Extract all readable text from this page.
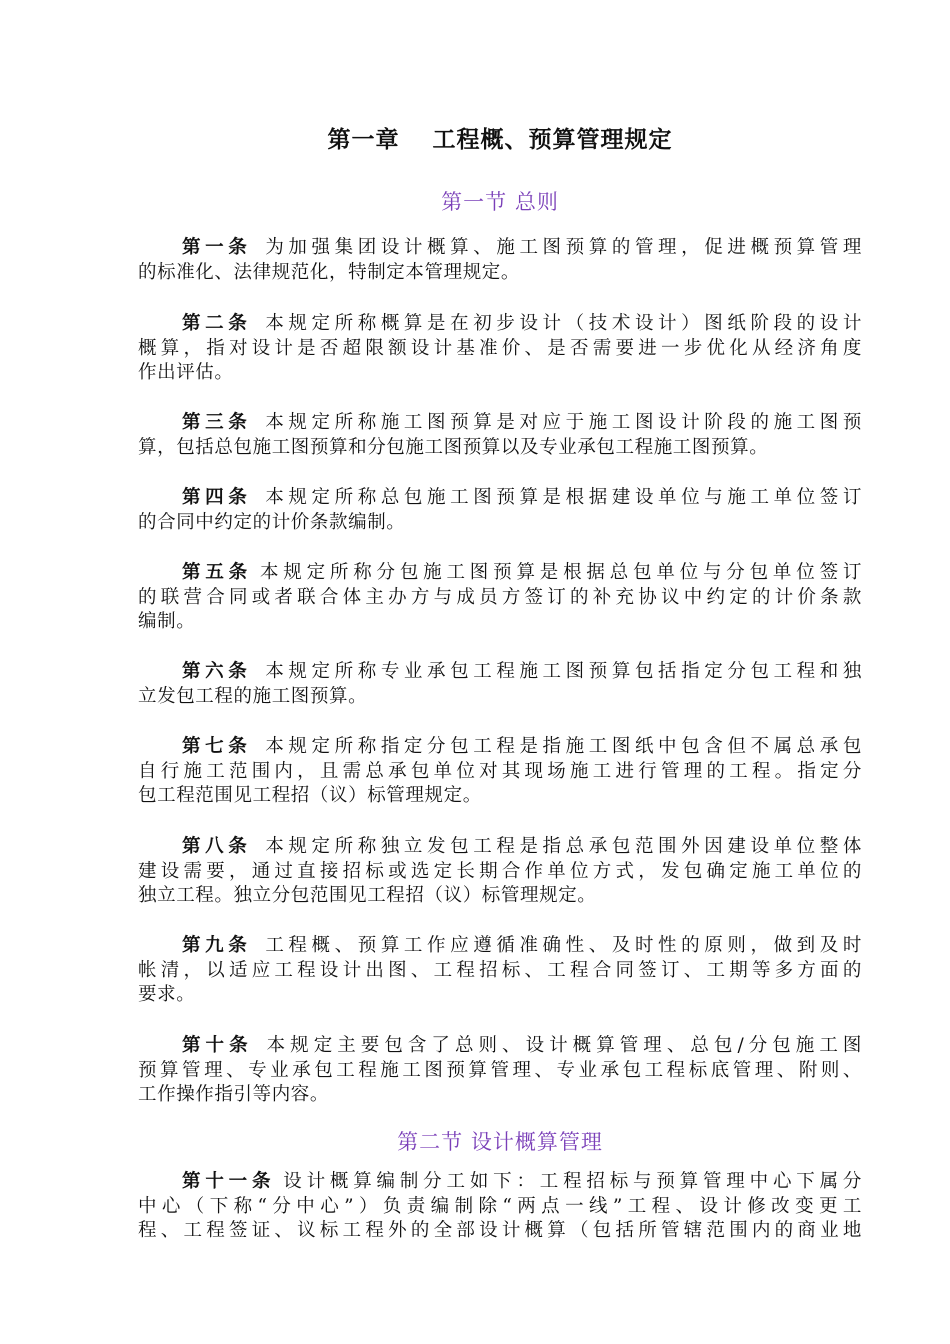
第一章　 工程概、预算管理规定
第一节 总则

第一条 为加强集团设计概算、施工图预算的管理，促进概预算管理
的标准化、法律规范化，特制定本管理规定。

第二条 本规定所称概算是在初步设计（技术设计）图纸阶段的设计
概算，指对设计是否超限额设计基准价、是否需要进一步优化从经济角度
作出评估。

第三条 本规定所称施工图预算是对应于施工图设计阶段的施工图预
算，包括总包施工图预算和分包施工图预算以及专业承包工程施工图预算。

第四条 本规定所称总包施工图预算是根据建设单位与施工单位签订
的合同中约定的计价条款编制。

第五条 本规定所称分包施工图预算是根据总包单位与分包单位签订
的联营合同或者联合体主办方与成员方签订的补充协议中约定的计价条款
编制。

第六条 本规定所称专业承包工程施工图预算包括指定分包工程和独
立发包工程的施工图预算。

第七条 本规定所称指定分包工程是指施工图纸中包含但不属总承包
自行施工范围内，且需总承包单位对其现场施工进行管理的工程。指定分
包工程范围见工程招（议）标管理规定。

第八条 本规定所称独立发包工程是指总承包范围外因建设单位整体
建设需要，通过直接招标或选定长期合作单位方式，发包确定施工单位的
独立工程。独立分包范围见工程招（议）标管理规定。

第九条 工程概、预算工作应遵循准确性、及时性的原则，做到及时
帐清，以适应工程设计出图、工程招标、工程合同签订、工期等多方面的
要求。

第十条 本规定主要包含了总则、设计概算管理、总包/分包施工图
预算管理、专业承包工程施工图预算管理、专业承包工程标底管理、附则、
工作操作指引等内容。

第二节 设计概算管理

第十一条 设计概算编制分工如下：工程招标与预算管理中心下属分
中心（下称“分中心”）负责编制除“两点一线”工程、设计修改变更工
程、工程签证、议标工程外的全部设计概算（包括所管辖范围内的商业地
